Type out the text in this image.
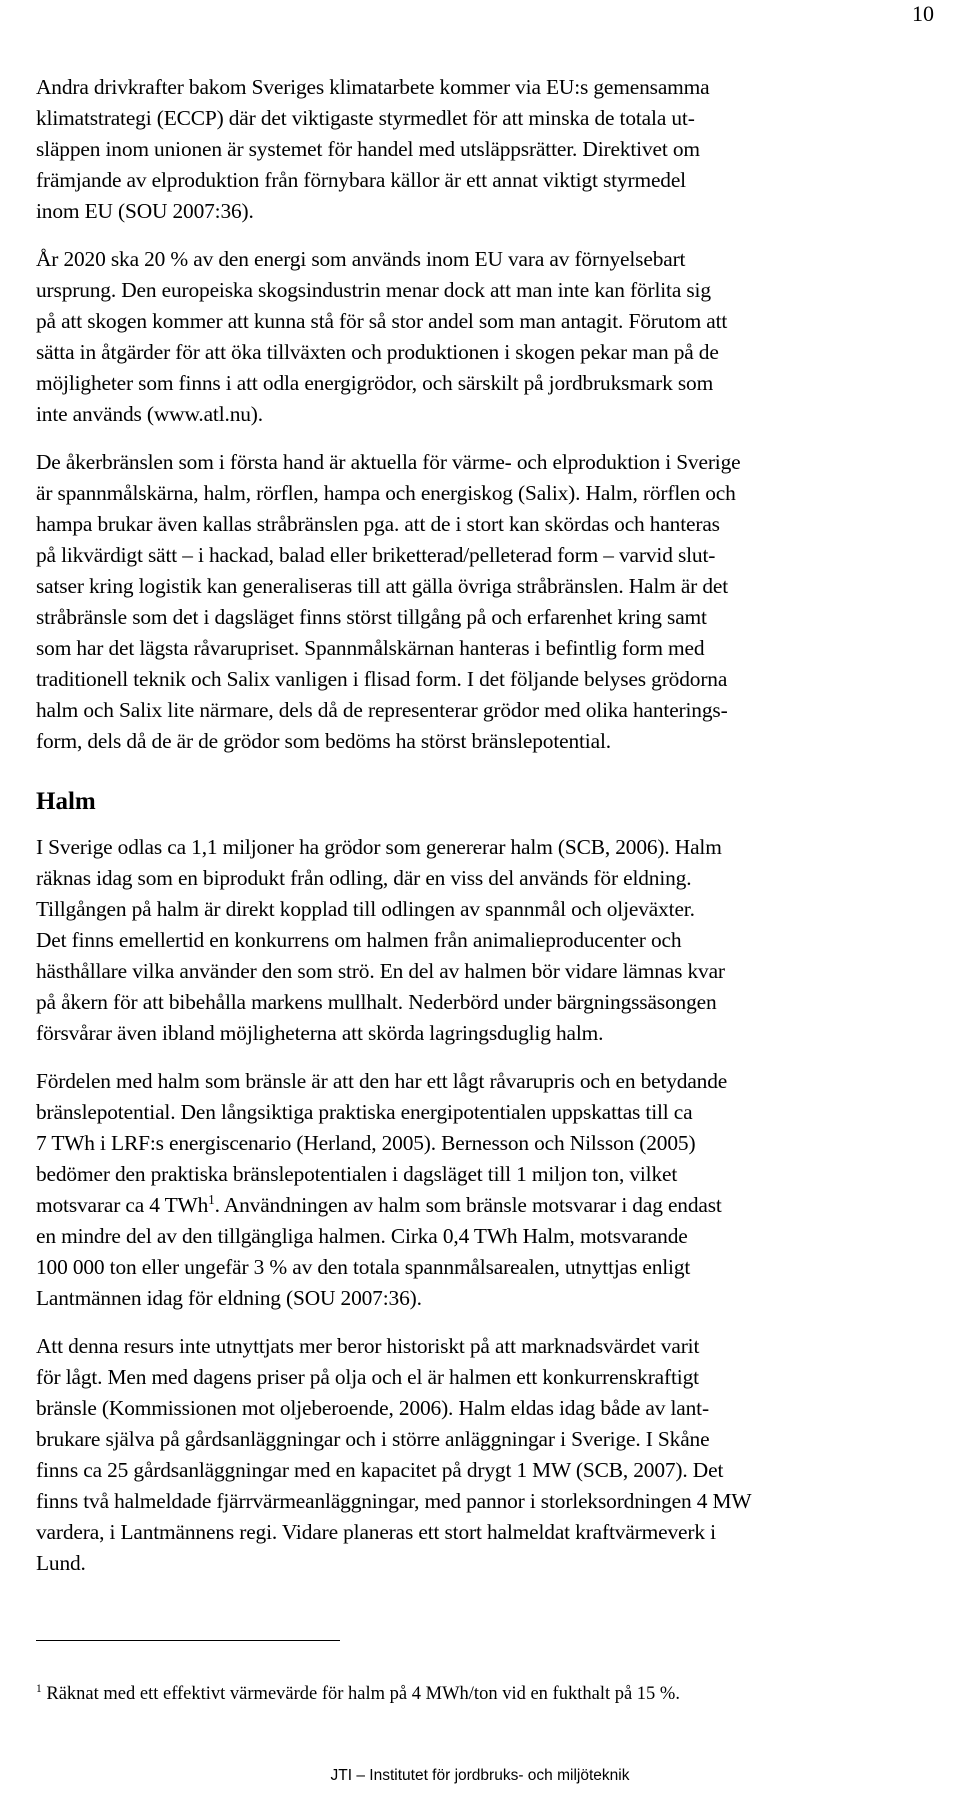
10

Andra drivkrafter bakom Sveriges klimatarbete kommer via EU:s gemensamma
klimatstrategi (ECCP) där det viktigaste styrmedlet för att minska de totala ut-
släppen inom unionen är systemet för handel med utsläppsrätter. Direktivet om
främjande av elproduktion från förnybara källor är ett annat viktigt styrmedel
inom EU (SOU 2007:36).

År 2020 ska 20 % av den energi som används inom EU vara av förnyelsebart
ursprung. Den europeiska skogsindustrin menar dock att man inte kan förlita sig
på att skogen kommer att kunna stå för så stor andel som man antagit. Förutom att
sätta in åtgärder för att öka tillväxten och produktionen i skogen pekar man på de
möjligheter som finns i att odla energigrödor, och särskilt på jordbruksmark som
inte används (www.atl.nu).

De åkerbränslen som i första hand är aktuella för värme- och elproduktion i Sverige
är spannmålskärna, halm, rörflen, hampa och energiskog (Salix). Halm, rörflen och
hampa brukar även kallas stråbränslen pga. att de i stort kan skördas och hanteras
på likvärdigt sätt – i hackad, balad eller briketterad/pelleterad form – varvid slut-
satser kring logistik kan generaliseras till att gälla övriga stråbränslen. Halm är det
stråbränsle som det i dagsläget finns störst tillgång på och erfarenhet kring samt
som har det lägsta råvarupriset. Spannmålskärnan hanteras i befintlig form med
traditionell teknik och Salix vanligen i flisad form. I det följande belyses grödorna
halm och Salix lite närmare, dels då de representerar grödor med olika hanterings-
form, dels då de är de grödor som bedöms ha störst bränslepotential.

Halm

I Sverige odlas ca 1,1 miljoner ha grödor som genererar halm (SCB, 2006). Halm
räknas idag som en biprodukt från odling, där en viss del används för eldning.
Tillgången på halm är direkt kopplad till odlingen av spannmål och oljeväxter.
Det finns emellertid en konkurrens om halmen från animalieproducenter och
hästhållare vilka använder den som strö. En del av halmen bör vidare lämnas kvar
på åkern för att bibehålla markens mullhalt. Nederbörd under bärgningssäsongen
försvårar även ibland möjligheterna att skörda lagringsduglig halm.

Fördelen med halm som bränsle är att den har ett lågt råvarupris och en betydande
bränslepotential. Den långsiktiga praktiska energipotentialen uppskattas till ca
7 TWh i LRF:s energiscenario (Herland, 2005). Bernesson och Nilsson (2005)
bedömer den praktiska bränslepotentialen i dagsläget till 1 miljon ton, vilket
motsvarar ca 4 TWh$^1$. Användningen av halm som bränsle motsvarar i dag endast
en mindre del av den tillgängliga halmen. Cirka 0,4 TWh Halm, motsvarande
100 000 ton eller ungefär 3 % av den totala spannmålsarealen, utnyttjas enligt
Lantmännen idag för eldning (SOU 2007:36).

Att denna resurs inte utnyttjats mer beror historiskt på att marknadsvärdet varit
för lågt. Men med dagens priser på olja och el är halmen ett konkurrenskraftigt
bränsle (Kommissionen mot oljeberoende, 2006). Halm eldas idag både av lant-
brukare själva på gårdsanläggningar och i större anläggningar i Sverige. I Skåne
finns ca 25 gårdsanläggningar med en kapacitet på drygt 1 MW (SCB, 2007). Det
finns två halmeldade fjärrvärmeanläggningar, med pannor i storleksordningen 4 MW
vardera, i Lantmännens regi. Vidare planeras ett stort halmeldat kraftvärmeverk i
Lund.

$^1$ Räknat med ett effektivt värmevärde för halm på 4 MWh/ton vid en fukthalt på 15 %.
JTI – Institutet för jordbruks- och miljöteknik
